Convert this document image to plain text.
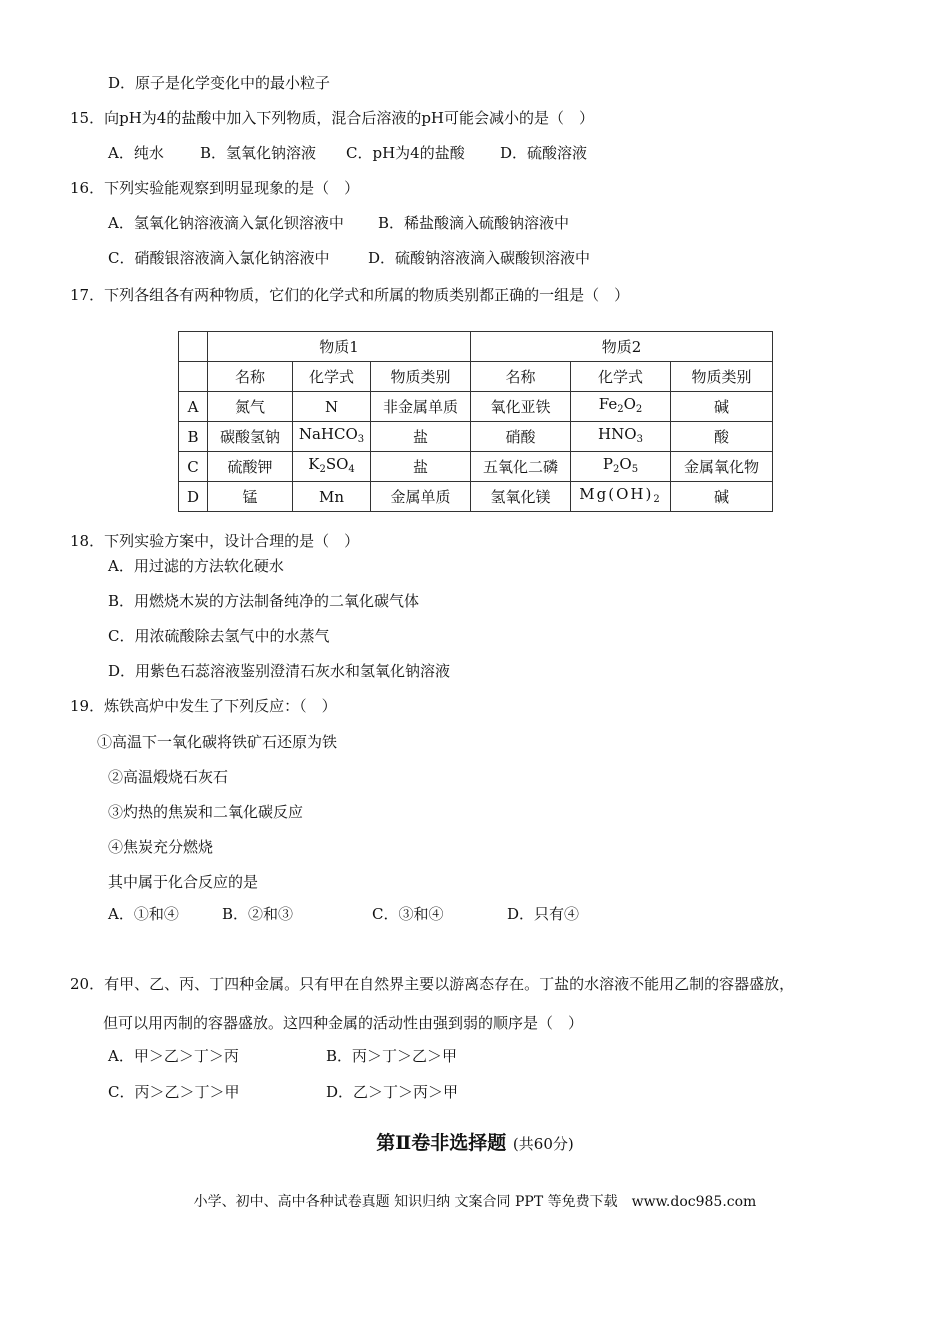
D．原子是化学变化中的最小粒子
15．向pH为4的盐酸中加入下列物质，混合后溶液的pH可能会减小的是（　）
A．纯水 B．氢氧化钠溶液 C．pH为4的盐酸 D．硫酸溶液
16．下列实验能观察到明显现象的是（　）
A．氢氧化钠溶液滴入氯化钡溶液中 B．稀盐酸滴入硫酸钠溶液中
C．硝酸银溶液滴入氯化钠溶液中	D．硫酸钠溶液滴入碳酸钡溶液中
17．下列各组各有两种物质，它们的化学式和所属的物质类别都正确的一组是（　）
	物质1			物质2		
	名称	化学式	物质类别	名称	化学式	物质类别
A	氮气	N	非金属单质	氧化亚铁	$Fe_2O_2$	碱
B	碳酸氢钠	NaHCO$_3$	盐	硝酸	$HNO_3$	酸
C	硫酸钾	$K_2SO_4$	盐	五氧化二磷	$P_2O_5$	金属氧化物
D	锰	Mn	金属单质	氢氧化镁	$Mg(OH)_2$	碱
18．下列实验方案中，设计合理的是（　）
A．用过滤的方法软化硬水
B．用燃烧木炭的方法制备纯净的二氧化碳气体
C．用浓硫酸除去氢气中的水蒸气
D．用紫色石蕊溶液鉴别澄清石灰水和氢氧化钠溶液
19．炼铁高炉中发生了下列反应：（　）
①高温下一氧化碳将铁矿石还原为铁
②高温煅烧石灰石
③灼热的焦炭和二氧化碳反应
④焦炭充分燃烧
其中属于化合反应的是
A．①和④	B．②和③	C．③和④	D．只有④
20．有甲、乙、丙、丁四种金属。只有甲在自然界主要以游离态存在。丁盐的水溶液不能用乙制的容器盛放，
但可以用丙制的容器盛放。这四种金属的活动性由强到弱的顺序是（　）
A．甲＞乙＞丁＞丙	B．丙＞丁＞乙＞甲
C．丙＞乙＞丁＞甲	D．乙＞丁＞丙＞甲
第Ⅱ卷非选择题 (共60分)
小学、初中、高中各种试卷真题 知识归纳 文案合同 PPT 等免费下载　www.doc985.com
